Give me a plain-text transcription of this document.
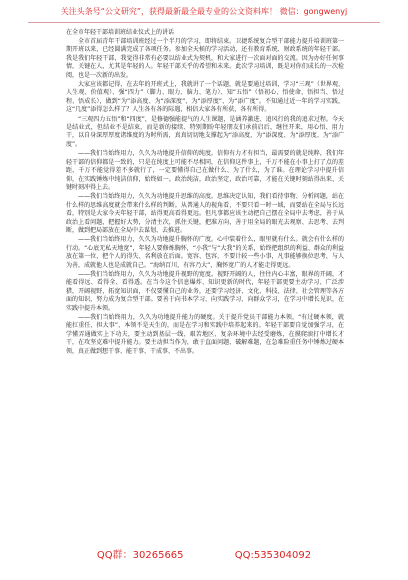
关注头条号“公文研究”，获得最新最全最专业的公文资料库！ 微信：gongwenyj
在全市年轻干部培训班结业仪式上的讲话

全市首届青年干部培训班经过一个半月的学习，即将结束。卫捷系统复合型干部能力提升培训班第一期开班以来，已经圆满完成了各项任务。参加全天候的学习活动，还有教育系统、财政系统的年轻干部。我是我们年轻干部，我觉得非常有必要以结业式为契机，和大家进行一次面对面的交流。因为办好任何事情，关键在人，尤其是年轻的人。年轻干部关乎的希望和未来。此次学习培训，既是对你们成长的一次检阅，也是一次新的出发。

大家应该都记得，在去年的开班式上，我就讲了一个话题，就是要通过培训，学习“三观”（世界观、人生观、价值观）、强“四力”（脚力、眼力、脑力、笔力）、知“五悟”（悟初心、悟使命、悟担当、悟过程、悟成长），做到“为”添高度、为“添深度”、为“添厚度”、为“添广度”。不知通过近一年的学习实践，这“几度”添得怎么样了？人生各有各的际遇，相信大家各有所获，各有所得。

“三观四力五悟”和“四度”，是修德强能提气的人生课题，是涵养激进、追风行的我的追求过程。今天是结业式，但结业不是结束，而是新的接续、特别期盼年轻朋友们承前启后，继往开来，用心悟、用力干，以自身深厚厚度诸维度的为时所需，真真切切地支撑起为“添高度、为“添深度、为“添厚度、为“添广度”。

——我们当始终用力，久久为功地提升信仰的纯度。信仰有力才有担当，最需要的就是纯粹，我们年轻干部的信仰都是一致的，只是在纯度上可能不尽相同，在信仰这件事上，千万不能在小事上打了点的差距，千万不能觉得差不多就行了，一定要懂得自己在做什么、为了什么，为了谁。在理论学习中提升信仰，在实践锤炼中纯洁信仰，始终如一。政治纯洁，政治坚定，政治可靠，才能在关键时刻站得出来、关键时刻冲得上去。

——我们当始终用力，久久为功地提升思维的高度。思维决定认知，我们看待事物、分析问题，站在什么样的思维高度就会带来什么样的判断。从普通人的视角看，不要只看一时一域，而要站在全局与长远看，特别是大家今天年轻干部，站得更高看得更远。但凡事都应该主动把自己摆在全局中去考虑，善于从政治上看问题，把握好大势，分清主次，抓住关键，把准方向，善于用全局的眼光去观察、去思考、去判断，做到把局部放在全局中去谋划、去推进。

——我们当始终用力，久久为功地提升胸怀的广度。心中装着什么，眼里就有什么。就会有什么样的行动。“心底无私天地宽”，年轻人要修炼胸怀，“小我”与“大我”的关系，始终把组织的利益、群众的利益放在第一位，把个人的得失、名利放在后面。宽容、包容，不要计较一些小事，凡事能够换位思考，与人为善，成就他人也是成就自己。“海纳百川，有容乃大”，胸怀宽广的人才能走得更远。

——我们当始终用力，久久为功地提升视野的宽度。视野开阔的人，往往内心丰富，眼界的开阔，才能看得远、看得全、看得透。在当今这个信息爆炸、知识更新的时代，年轻干部更要主动学习、广泛涉猎，开阔视野，拓宽知识面，不仅要懂自己的业务，还要学习经济、文化、科技、法律、社会管理等各方面的知识，努力成为复合型干部。要善于向书本学习、向实践学习、向群众学习，在学习中增长见识，在实践中提升本领。

——我们当始终用力，久久为功地提升能力的硬度。关于提升党员干部能力本领，“有过硬本领，就能扛重任、担大事”，本领不是天生的，而是在学习和实践中培养起来的。年轻干部要自觉加强学习，在学懂弄通做实上下功夫，要主动到基层一线、艰苦地区、复杂环境中去经受磨炼，在摸爬滚打中增长才干，在攻坚克难中提升能力。要主动担当作为，敢于直面问题、破解难题，在急难险重任务中锤炼过硬本领，真正做到想干事、能干事、干成事、不出事。

QQ群：30265665	QQ:535304092
